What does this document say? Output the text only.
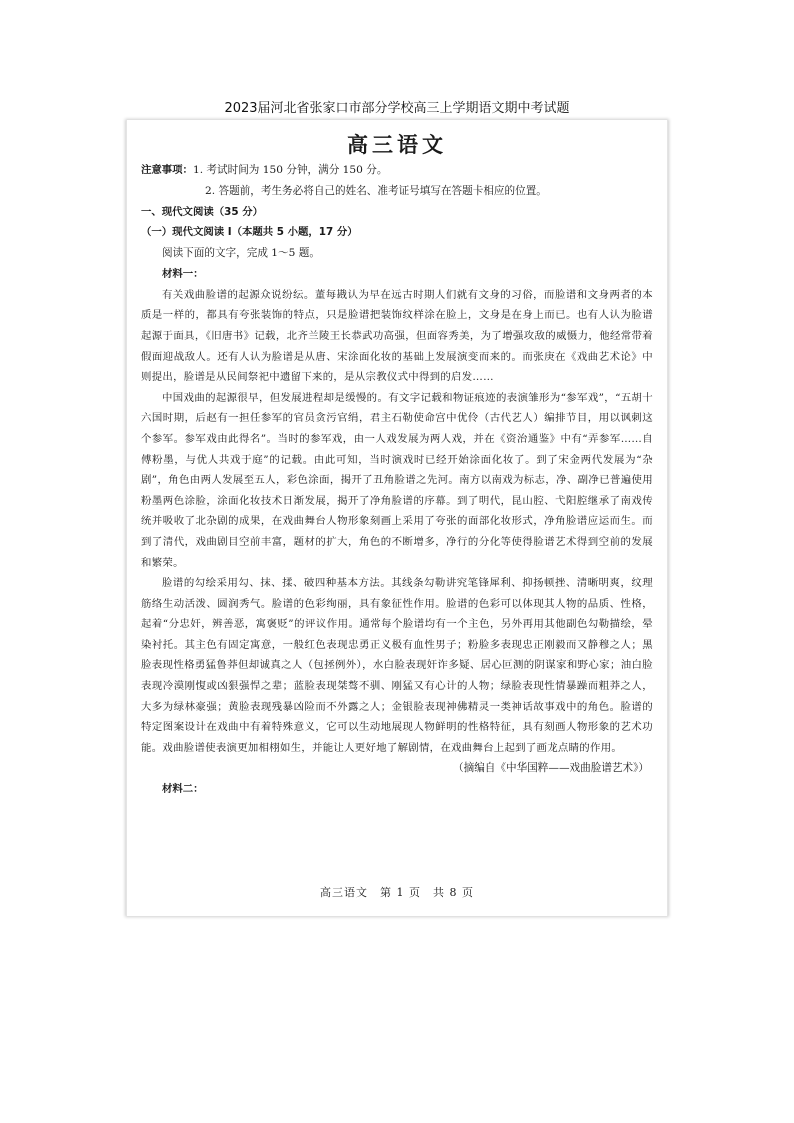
2023届河北省张家口市部分学校高三上学期语文期中考试题
高三语文
注意事项：1. 考试时间为 150 分钟，满分 150 分。
2. 答题前，考生务必将自己的姓名、准考证号填写在答题卡相应的位置。
一、现代文阅读（35 分）
（一）现代文阅读 Ⅰ（本题共 5 小题，17 分）
阅读下面的文字，完成 1～5 题。
材料一：

有关戏曲脸谱的起源众说纷纭。董每戡认为早在远古时期人们就有文身的习俗，而脸谱和文身两者的本质是一样的，都具有夸张装饰的特点，只是脸谱把装饰纹样涂在脸上，文身是在身上而已。也有人认为脸谱起源于面具，《旧唐书》记载，北齐兰陵王长恭武功高强，但面容秀美，为了增强攻敌的威慑力，他经常带着假面迎战敌人。还有人认为脸谱是从唐、宋涂面化妆的基础上发展演变而来的。而张庚在《戏曲艺术论》中则提出，脸谱是从民间祭祀中遗留下来的，是从宗教仪式中得到的启发……

中国戏曲的起源很早，但发展进程却是缓慢的。有文字记载和物证痕迹的表演雏形为“参军戏”，“五胡十六国时期，后赵有一担任参军的官员贪污官绢，君主石勒使命宫中优伶（古代艺人）编排节目，用以讽刺这个参军。参军戏由此得名”。当时的参军戏，由一人戏发展为两人戏，并在《资治通鉴》中有“弄参军……自傅粉墨，与优人共戏于庭”的记载。由此可知，当时演戏时已经开始涂面化妆了。到了宋金两代发展为“杂剧”，角色由两人发展至五人，彩色涂面，揭开了丑角脸谱之先河。南方以南戏为标志，净、副净已普遍使用粉墨两色涂脸，涂面化妆技术日渐发展，揭开了净角脸谱的序幕。到了明代，昆山腔、弋阳腔继承了南戏传统并吸收了北杂剧的成果，在戏曲舞台人物形象刻画上采用了夸张的面部化妆形式，净角脸谱应运而生。而到了清代，戏曲剧目空前丰富，题材的扩大，角色的不断增多，净行的分化等使得脸谱艺术得到空前的发展和繁荣。

脸谱的勾绘采用勾、抹、揉、破四种基本方法。其线条勾勒讲究笔锋犀利、抑扬顿挫、清晰明爽，纹理筋络生动活泼、圆润秀气。脸谱的色彩绚丽，具有象征性作用。脸谱的色彩可以体现其人物的品质、性格，起着“分忠奸，辨善恶，寓褒贬”的评议作用。通常每个脸谱均有一个主色，另外再用其他副色勾勒描绘，晕染衬托。其主色有固定寓意，一般红色表现忠勇正义极有血性男子；粉脸多表现忠正刚毅而又静穆之人；黑脸表现性格勇猛鲁莽但却诚真之人（包拯例外），水白脸表现奸诈多疑、居心叵测的阴谋家和野心家；油白脸表现冷漠刚愎或凶狠强悍之辈；蓝脸表现桀骜不驯、刚猛又有心计的人物；绿脸表现性情暴躁而粗莽之人，大多为绿林豪强；黄脸表现残暴凶险而不外露之人；金银脸表现神佛精灵一类神话故事戏中的角色。脸谱的特定图案设计在戏曲中有着特殊意义，它可以生动地展现人物鲜明的性格特征，具有刻画人物形象的艺术功能。戏曲脸谱使表演更加相栩如生，并能让人更好地了解剧情，在戏曲舞台上起到了画龙点睛的作用。

（摘编自《中华国粹——戏曲脸谱艺术》）
材料二：
高三语文　第 1 页　共 8 页
